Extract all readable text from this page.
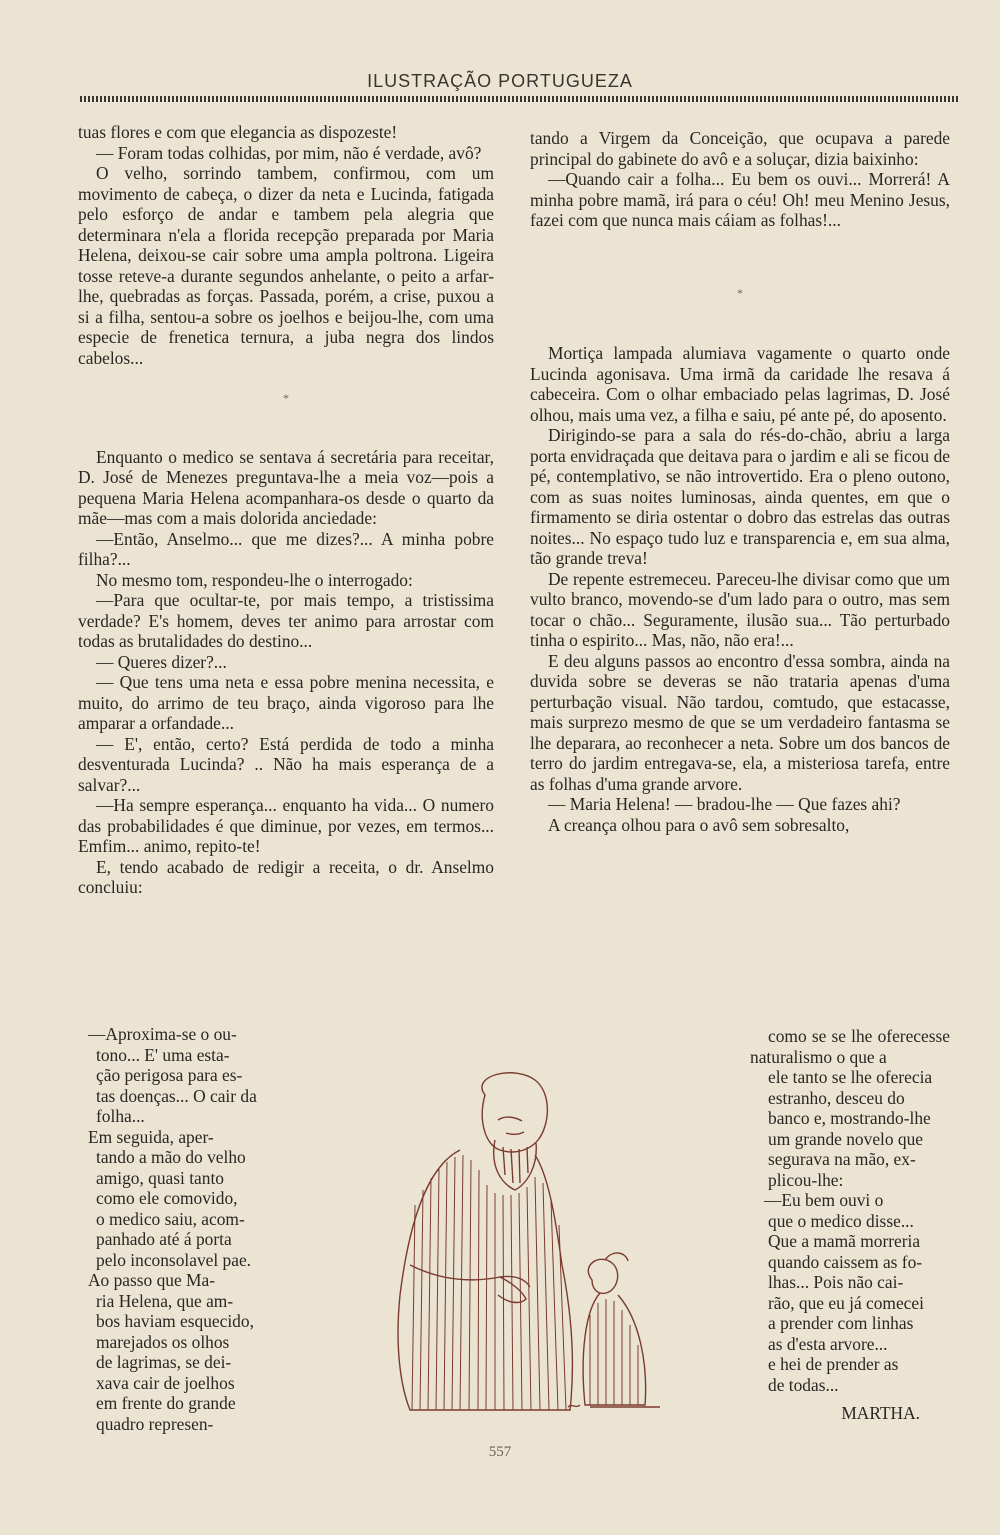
ILUSTRAÇÃO PORTUGUEZA

tuas flores e com que elegancia as dispozeste!

— Foram todas colhidas, por mim, não é verdade, avô?

O velho, sorrindo tambem, confirmou, com um movimento de cabeça, o dizer da neta e Lucinda, fatigada pelo esforço de andar e tambem pela alegria que determinara n'ela a florida recepção preparada por Maria Helena, deixou-se cair sobre uma ampla poltrona. Ligeira tosse reteve-a durante segundos anhelante, o peito a arfar-lhe, quebradas as forças. Passada, porém, a crise, puxou a si a filha, sentou-a sobre os joelhos e beijou-lhe, com uma especie de frenetica ternura, a juba negra dos lindos cabelos...

*

Enquanto o medico se sentava á secretária para receitar, D. José de Menezes preguntava-lhe a meia voz—pois a pequena Maria Helena acompanhara-os desde o quarto da mãe—mas com a mais dolorida anciedade:

—Então, Anselmo... que me dizes?... A minha pobre filha?...

No mesmo tom, respondeu-lhe o interrogado:

—Para que ocultar-te, por mais tempo, a tristissima verdade? E's homem, deves ter animo para arrostar com todas as brutalidades do destino...

— Queres dizer?...

— Que tens uma neta e essa pobre menina necessita, e muito, do arrimo de teu braço, ainda vigoroso para lhe amparar a orfandade...

— E', então, certo? Está perdida de todo a minha desventurada Lucinda? .. Não ha mais esperança de a salvar?...

—Ha sempre esperança... enquanto ha vida... O numero das probabilidades é que diminue, por vezes, em termos... Emfim... animo, repito-te!

E, tendo acabado de redigir a receita, o dr. Anselmo concluiu:

—Aproxima-se o ou-

tono... E' uma esta-

ção perigosa para es-

tas doenças... O cair da

folha...

Em seguida, aper-

tando a mão do velho

amigo, quasi tanto

como ele comovido,

o medico saiu, acom-

panhado até á porta

pelo inconsolavel pae.

Ao passo que Ma-

ria Helena, que am-

bos haviam esquecido,

marejados os olhos

de lagrimas, se dei-

xava cair de joelhos

em frente do grande

quadro represen-

tando a Virgem da Conceição, que ocupava a parede principal do gabinete do avô e a soluçar, dizia baixinho:

—Quando cair a folha... Eu bem os ouvi... Morrerá! A minha pobre mamã, irá para o céu! Oh! meu Menino Jesus, fazei com que nunca mais cáiam as folhas!...

*

Mortiça lampada alumiava vagamente o quarto onde Lucinda agonisava. Uma irmã da caridade lhe resava á cabeceira. Com o olhar embaciado pelas lagrimas, D. José olhou, mais uma vez, a filha e saiu, pé ante pé, do aposento.

Dirigindo-se para a sala do rés-do-chão, abriu a larga porta envidraçada que deitava para o jardim e ali se ficou de pé, contemplativo, se não introvertido. Era o pleno outono, com as suas noites luminosas, ainda quentes, em que o firmamento se diria ostentar o dobro das estrelas das outras noites... No espaço tudo luz e transparencia e, em sua alma, tão grande treva!

De repente estremeceu. Pareceu-lhe divisar como que um vulto branco, movendo-se d'um lado para o outro, mas sem tocar o chão... Seguramente, ilusão sua... Tão perturbado tinha o espirito... Mas, não, não era!...

E deu alguns passos ao encontro d'essa sombra, ainda na duvida sobre se deveras se não trataria apenas d'uma perturbação visual. Não tardou, comtudo, que estacasse, mais surprezo mesmo de que se um verdadeiro fantasma se lhe deparara, ao reconhecer a neta. Sobre um dos bancos de terro do jardim entregava-se, ela, a misteriosa tarefa, entre as folhas d'uma grande arvore.

— Maria Helena! — bradou-lhe — Que fazes ahi?

A creança olhou para o avô sem sobresalto,

como se se lhe oferecesse naturalismo o que a

ele tanto se lhe oferecia

estranho, desceu do

banco e, mostrando-lhe

um grande novelo que

segurava na mão, ex-

plicou-lhe:

—Eu bem ouvi o

que o medico disse...

Que a mamã morreria

quando caissem as fo-

lhas... Pois não cai-

rão, que eu já comecei

a prender com linhas

as d'esta arvore...

e hei de prender as

de todas...

MARTHA.
557
